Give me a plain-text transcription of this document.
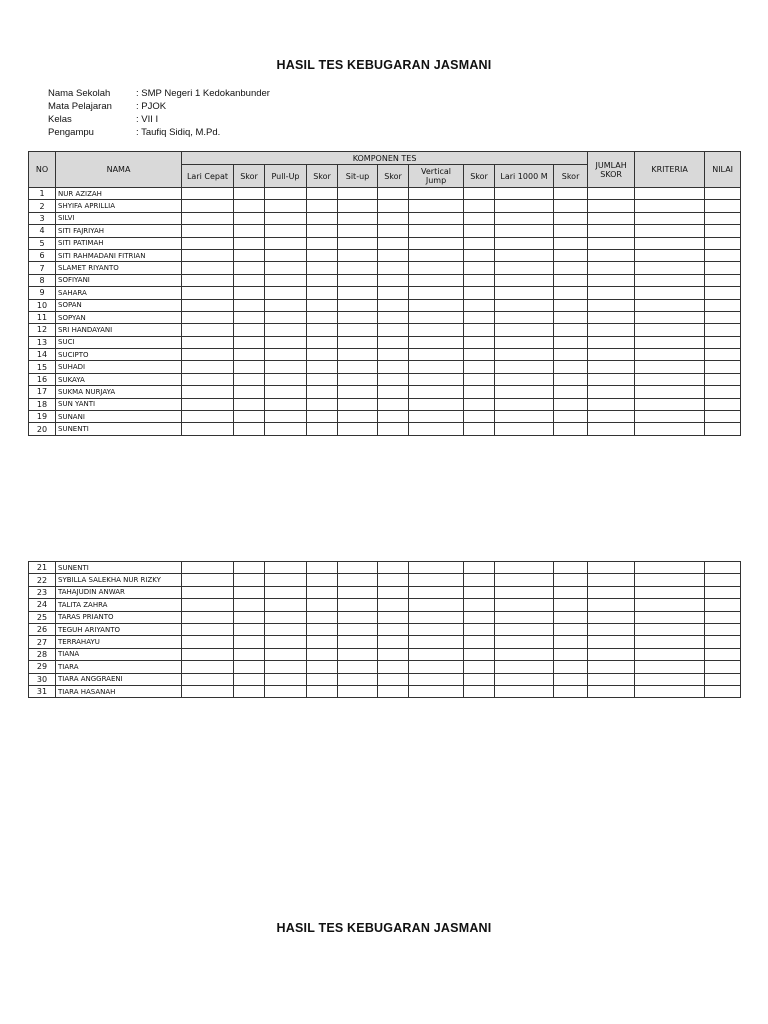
HASIL TES KEBUGARAN JASMANI
Nama Sekolah	: SMP Negeri 1 Kedokanbunder
Mata Pelajaran	: PJOK
Kelas	: VII I
Pengampu	: Taufiq Sidiq, M.Pd.
NO	NAMA	KOMPONEN TES										JUMLAH SKOR	KRITERIA	NILAI
		Lari Cepat	Skor	Pull-Up	Skor	Sit-up	Skor	Vertical Jump	Skor	Lari 1000 M	Skor			
1	NUR AZIZAH													
2	SHYIFA APRILLIA													
3	SILVI													
4	SITI FAJRIYAH													
5	SITI PATIMAH													
6	SITI RAHMADANI FITRIAN													
7	SLAMET RIYANTO													
8	SOFIYANI													
9	SAHARA													
10	SOPAN													
11	SOPYAN													
12	SRI HANDAYANI													
13	SUCI													
14	SUCIPTO													
15	SUHADI													
16	SUKAYA													
17	SUKMA NURJAYA													
18	SUN YANTI													
19	SUNANI													
20	SUNENTI													
21	SUNENTI													
22	SYBILLA SALEKHA NUR RIZKY													
23	TAHAJUDIN ANWAR													
24	TALITA ZAHRA													
25	TARAS PRIANTO													
26	TEGUH ARIYANTO													
27	TERRAHAYU													
28	TIANA													
29	TIARA													
30	TIARA ANGGRAENI													
31	TIARA HASANAH													
HASIL TES KEBUGARAN JASMANI
